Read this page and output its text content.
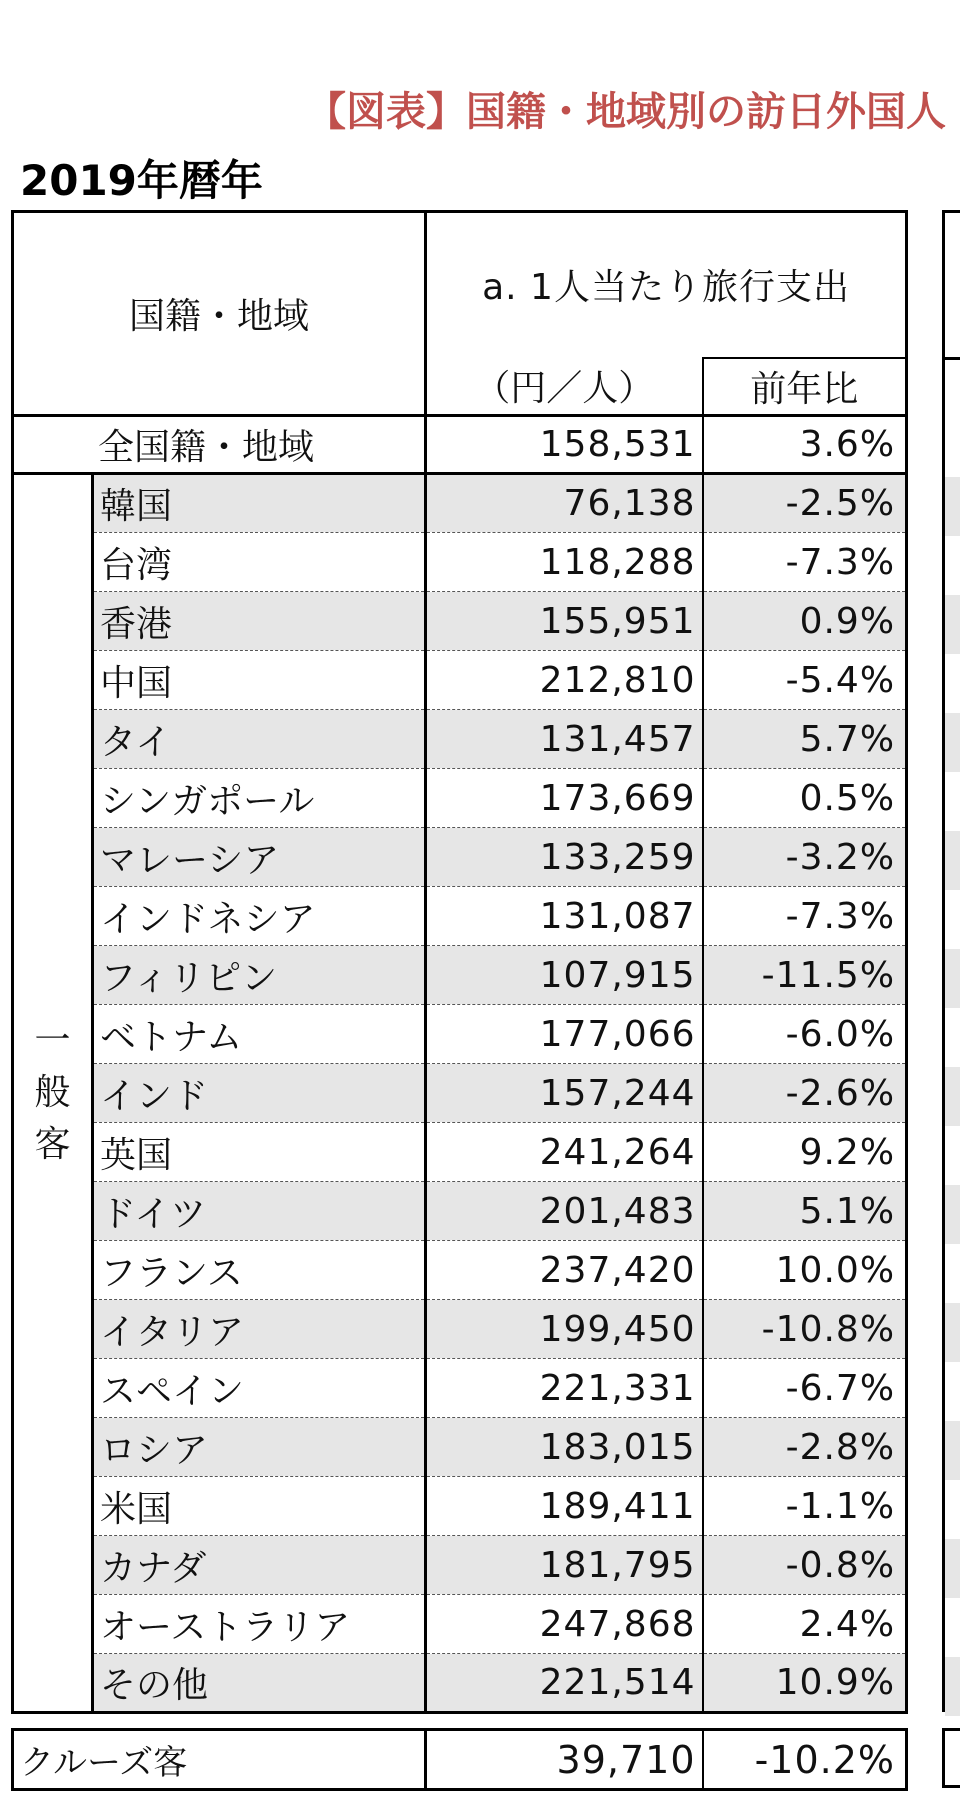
【図表】国籍・地域別の訪日外国人
2019年暦年
国籍・地域		a. 1人当たり旅行支出	
		（円／人）	前年比
全国籍・地域		158,531	3.6%

一
般
客	韓国	76,138	-2.5%
	台湾	118,288	-7.3%
	香港	155,951	0.9%
	中国	212,810	-5.4%
	タイ	131,457	5.7%
	シンガポール	173,669	0.5%
	マレーシア	133,259	-3.2%
	インドネシア	131,087	-7.3%
	フィリピン	107,915	-11.5%
	ベトナム	177,066	-6.0%
	インド	157,244	-2.6%
	英国	241,264	9.2%
	ドイツ	201,483	5.1%
	フランス	237,420	10.0%
	イタリア	199,450	-10.8%
	スペイン	221,331	-6.7%
	ロシア	183,015	-2.8%
	米国	189,411	-1.1%
	カナダ	181,795	-0.8%
	オーストラリア	247,868	2.4%
	その他	221,514	10.9%
クルーズ客	39,710	-10.2%
